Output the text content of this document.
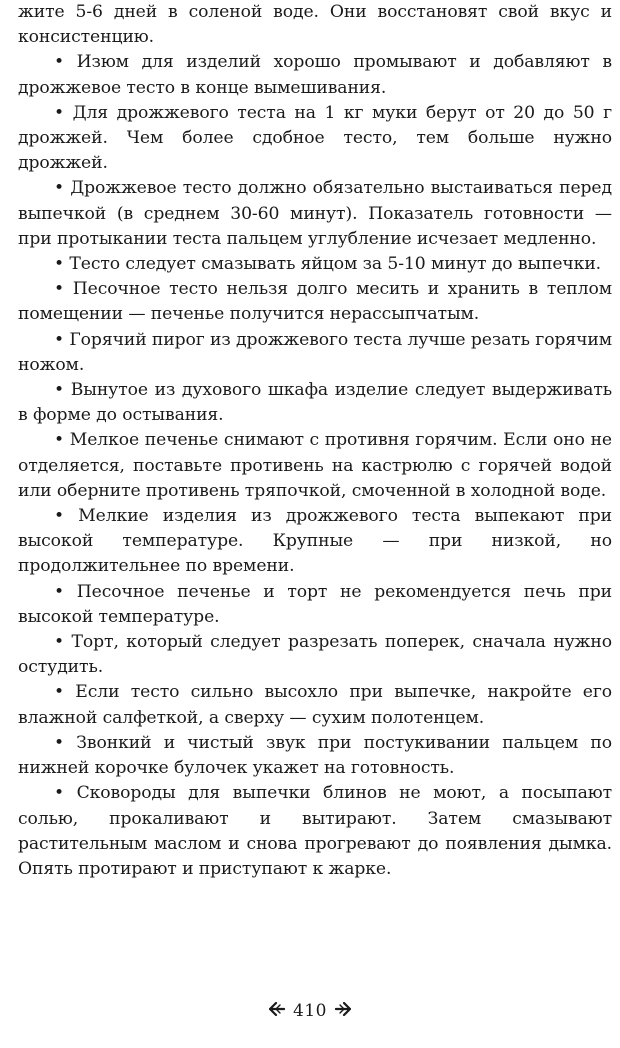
жите 5-6 дней в соленой воде. Они восстановят свой вкус и консистенцию.

• Изюм для изделий хорошо промывают и добавляют в дрожжевое тесто в конце вымешивания.

• Для дрожжевого теста на 1 кг муки берут от 20 до 50 г дрожжей. Чем более сдобное тесто, тем больше нужно дрожжей.

• Дрожжевое тесто должно обязательно выстаиваться перед выпечкой (в среднем 30-60 минут). Показатель готовности — при протыкании теста пальцем углубление исчезает медленно.

• Тесто следует смазывать яйцом за 5-10 минут до выпечки.

• Песочное тесто нельзя долго месить и хранить в теплом помещении — печенье получится нерассыпчатым.

• Горячий пирог из дрожжевого теста лучше резать горячим ножом.

• Вынутое из духового шкафа изделие следует выдерживать в форме до остывания.

• Мелкое печенье снимают с противня горячим. Если оно не отделяется, поставьте противень на кастрюлю с горячей водой или оберните противень тряпочкой, смоченной в холодной воде.

• Мелкие изделия из дрожжевого теста выпекают при высокой температуре. Крупные — при низкой, но продолжительнее по времени.

• Песочное печенье и торт не рекомендуется печь при высокой температуре.

• Торт, который следует разрезать поперек, сначала нужно остудить.

• Если тесто сильно высохло при выпечке, накройте его влажной салфеткой, а сверху — сухим полотенцем.

• Звонкий и чистый звук при постукивании пальцем по нижней корочке булочек укажет на готовность.

• Сковороды для выпечки блинов не моют, а посыпают солью, прокаливают и вытирают. Затем смазывают растительным маслом и снова прогревают до появления дымка. Опять протирают и приступают к жарке.

410
